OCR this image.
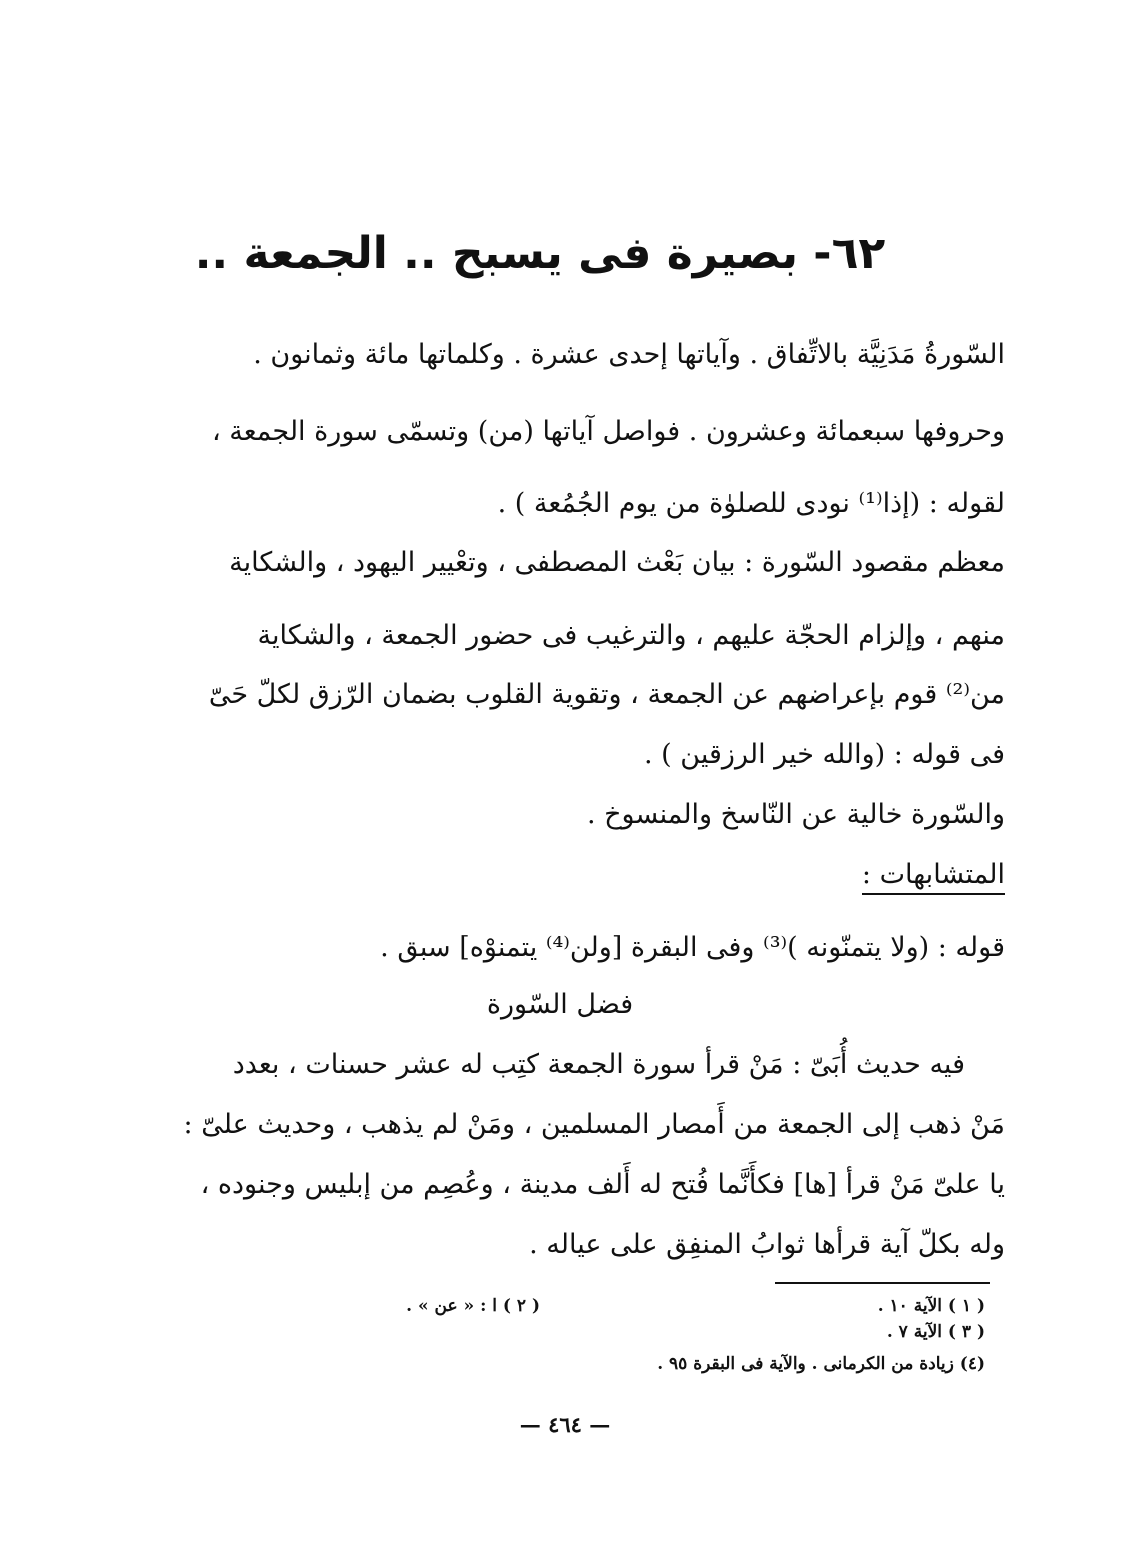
٦٢- بصيرة فى يسبح .. الجمعة ..
السّورةُ مَدَنِيَّة بالاتِّفاق . وآياتها إحدى عشرة . وكلماتها مائة وثمانون .
وحروفها سبعمائة وعشرون . فواصل آياتها (من) وتسمّى سورة الجمعة ،
لقوله : (إذا⁽¹⁾ نودى للصلوٰة من يوم الجُمُعة ) .
معظم مقصود السّورة : بيان بَعْث المصطفى ، وتعْيير اليهود ، والشكاية
منهم ، وإلزام الحجّة عليهم ، والترغيب فى حضور الجمعة ، والشكاية
من⁽²⁾ قوم بإعراضهم عن الجمعة ، وتقوية القلوب بضمان الرّزق لكلّ حَىّ
فى قوله : (والله خير الرزقين ) .
والسّورة خالية عن النّاسخ والمنسوخ .
المتشابهات :
قوله : (ولا يتمنّونه )⁽³⁾ وفى البقرة [ولن⁽⁴⁾ يتمنوْه] سبق .
فضل السّورة
فيه حديث أُبَىّ : مَنْ قرأ سورة الجمعة كتِب له عشر حسنات ، بعدد
مَنْ ذهب إلى الجمعة من أَمصار المسلمين ، ومَنْ لم يذهب ، وحديث علىّ :
يا علىّ مَنْ قرأ [ها] فكأَنَّما فُتح له أَلف مدينة ، وعُصِم من إبليس وجنوده ،
وله بكلّ آية قرأها ثوابُ المنفِق على عياله .
( ١ ) الآية ١٠ .
( ٢ ) ا : « عن » .
( ٣ ) الآية ٧ .
(٤) زيادة من الكرمانى . والآية فى البقرة ٩٥ .
— ٤٦٤ —
